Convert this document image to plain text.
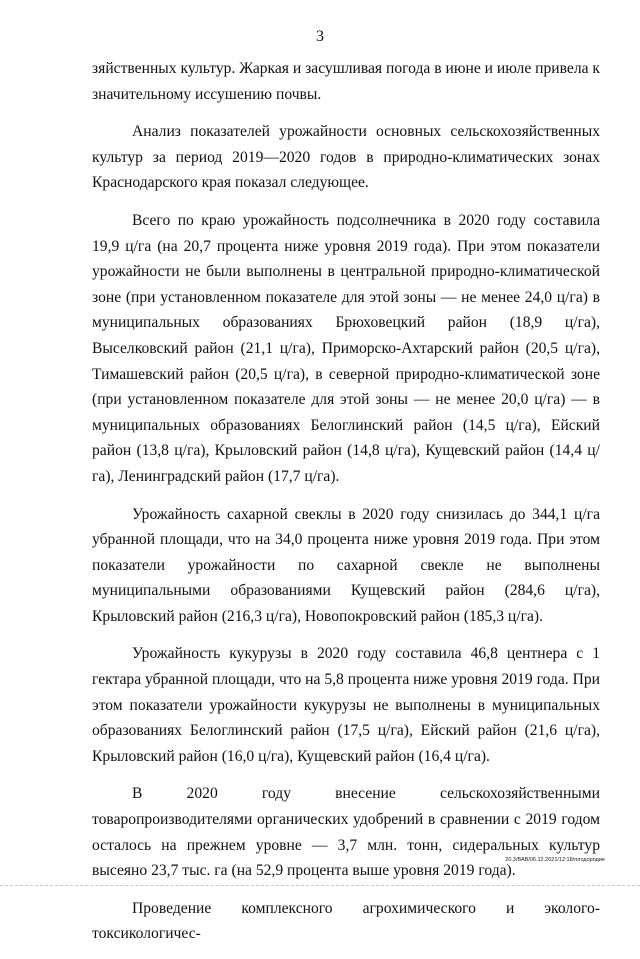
3

зяйственных культур. Жаркая и засушливая погода в июне и июле привела к значительному иссушению почвы.

Анализ показателей урожайности основных сельскохозяйственных культур за период 2019—2020 годов в природно-климатических зонах Краснодарского края показал следующее.

Всего по краю урожайность подсолнечника в 2020 году составила 19,9 ц/га (на 20,7 процента ниже уровня 2019 года). При этом показатели урожайности не были выполнены в центральной природно-климатической зоне (при установленном показателе для этой зоны — не менее 24,0 ц/га) в муниципальных образованиях Брюховецкий район (18,9 ц/га), Выселковский район (21,1 ц/га), Приморско-Ахтарский район (20,5 ц/га), Тимашевский район (20,5 ц/га), в северной природно-климатической зоне (при установленном показателе для этой зоны — не менее 20,0 ц/га) — в муниципальных образованиях Белоглинский район (14,5 ц/га), Ейский район (13,8 ц/га), Крыловский район (14,8 ц/га), Кущевский район (14,4 ц/га), Ленинградский район (17,7 ц/га).

Урожайность сахарной свеклы в 2020 году снизилась до 344,1 ц/га убранной площади, что на 34,0 процента ниже уровня 2019 года. При этом показатели урожайности по сахарной свекле не выполнены муниципальными образованиями Кущевский район (284,6 ц/га), Крыловский район (216,3 ц/га), Новопокровский район (185,3 ц/га).

Урожайность кукурузы в 2020 году составила 46,8 центнера с 1 гектара убранной площади, что на 5,8 процента ниже уровня 2019 года. При этом показатели урожайности кукурузы не выполнены в муниципальных образованиях Белоглинский район (17,5 ц/га), Ейский район (21,6 ц/га), Крыловский район (16,0 ц/га), Кущевский район (16,4 ц/га).

В 2020 году внесение сельскохозяйственными товаропроизводителями органических удобрений в сравнении с 2019 годом осталось на прежнем уровне — 3,7 млн. тонн, сидеральных культур высеяно 23,7 тыс. га (на 52,9 процента выше уровня 2019 года).

Проведение комплексного агрохимического и эколого-токсикологичес-

20.3/ВАВ/06.12.2021/12:18/плодородие
